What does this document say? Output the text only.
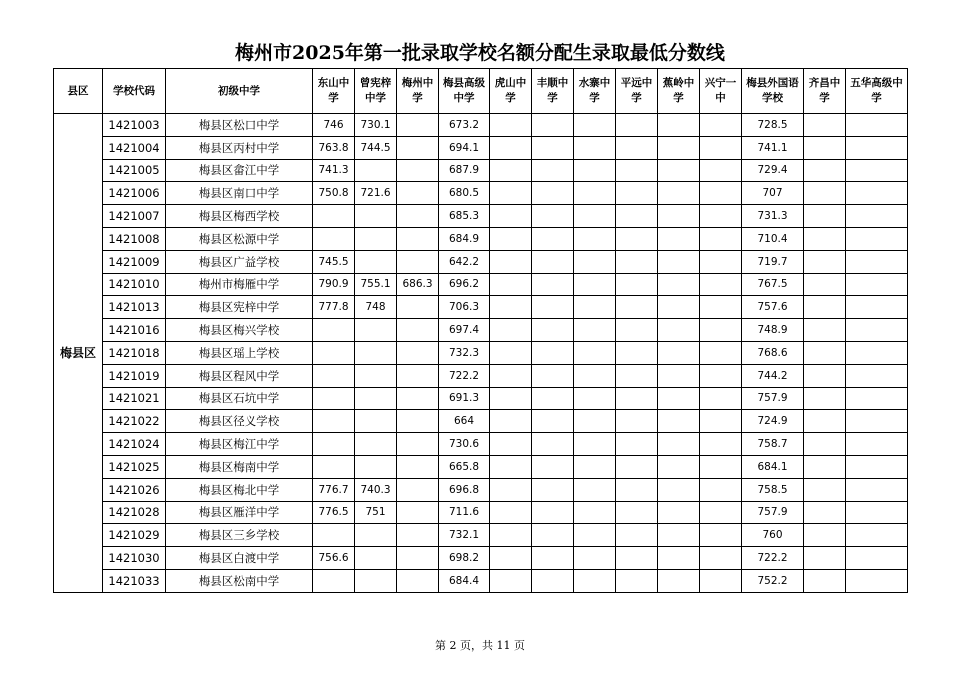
梅州市2025年第一批录取学校名额分配生录取最低分数线
县区	学校代码	初级中学	东山中学	曾宪梓中学	梅州中学	梅县高级中学	虎山中学	丰顺中学	水寨中学	平远中学	蕉岭中学	兴宁一中	梅县外国语学校	齐昌中学	五华高级中学
梅县区	1421003	梅县区松口中学	746	730.1		673.2							728.5		
	1421004	梅县区丙村中学	763.8	744.5		694.1							741.1		
	1421005	梅县区畲江中学	741.3			687.9							729.4		
	1421006	梅县区南口中学	750.8	721.6		680.5							707		
	1421007	梅县区梅西学校				685.3							731.3		
	1421008	梅县区松源中学				684.9							710.4		
	1421009	梅县区广益学校	745.5			642.2							719.7		
	1421010	梅州市梅雁中学	790.9	755.1	686.3	696.2							767.5		
	1421013	梅县区宪梓中学	777.8	748		706.3							757.6		
	1421016	梅县区梅兴学校				697.4							748.9		
	1421018	梅县区瑶上学校				732.3							768.6		
	1421019	梅县区程风中学				722.2							744.2		
	1421021	梅县区石坑中学				691.3							757.9		
	1421022	梅县区径义学校				664							724.9		
	1421024	梅县区梅江中学				730.6							758.7		
	1421025	梅县区梅南中学				665.8							684.1		
	1421026	梅县区梅北中学	776.7	740.3		696.8							758.5		
	1421028	梅县区雁洋中学	776.5	751		711.6							757.9		
	1421029	梅县区三乡学校				732.1							760		
	1421030	梅县区白渡中学	756.6			698.2							722.2		
	1421033	梅县区松南中学				684.4							752.2		
第 2 页，共 11 页
